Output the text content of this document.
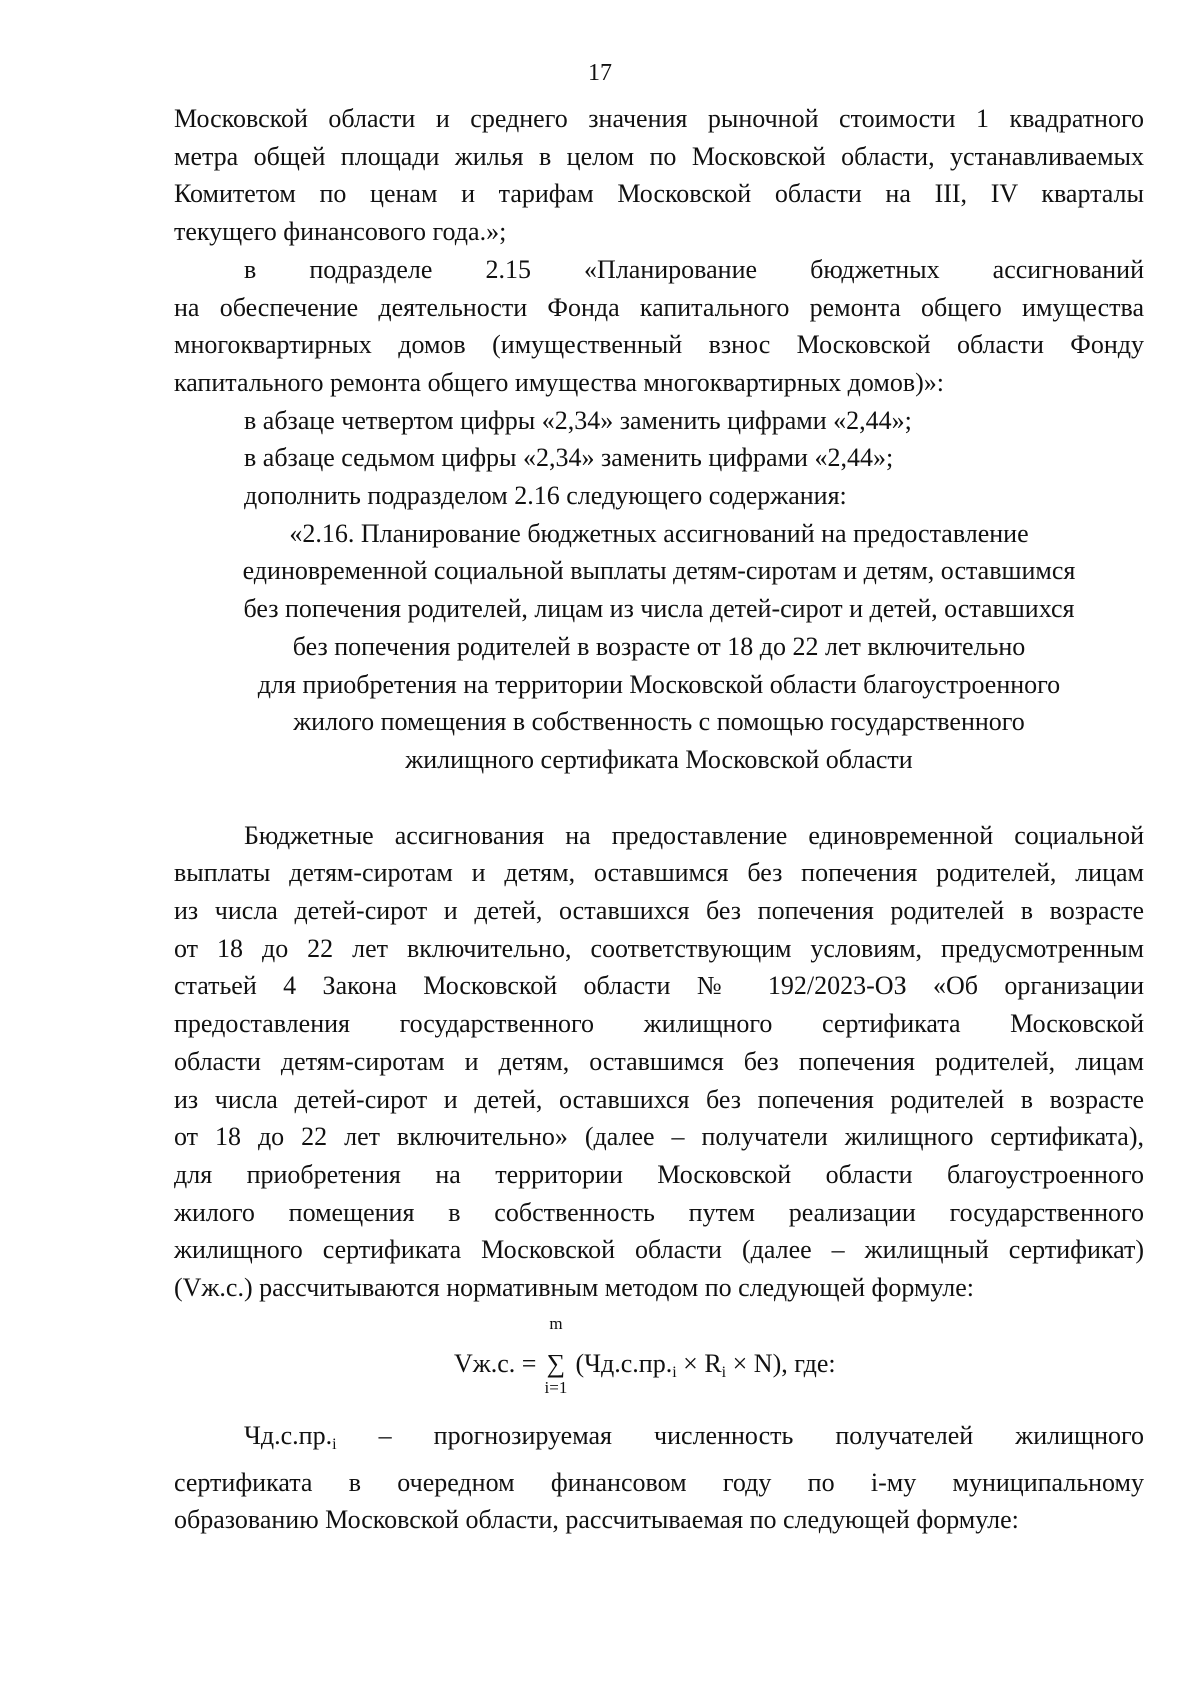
17
Московской области и среднего значения рыночной стоимости 1 квадратного
метра общей площади жилья в целом по Московской области, устанавливаемых
Комитетом по ценам и тарифам Московской области на III, IV кварталы
текущего финансового года.»;
в подразделе 2.15 «Планирование бюджетных ассигнований
на обеспечение деятельности Фонда капитального ремонта общего имущества
многоквартирных домов (имущественный взнос Московской области Фонду
капитального ремонта общего имущества многоквартирных домов)»:
в абзаце четвертом цифры «2,34» заменить цифрами «2,44»;
в абзаце седьмом цифры «2,34» заменить цифрами «2,44»;
дополнить подразделом 2.16 следующего содержания:
«2.16. Планирование бюджетных ассигнований на предоставление
единовременной социальной выплаты детям-сиротам и детям, оставшимся
без попечения родителей, лицам из числа детей-сирот и детей, оставшихся
без попечения родителей в возрасте от 18 до 22 лет включительно
для приобретения на территории Московской области благоустроенного
жилого помещения в собственность с помощью государственного
жилищного сертификата Московской области
Бюджетные ассигнования на предоставление единовременной социальной
выплаты детям-сиротам и детям, оставшимся без попечения родителей, лицам
из числа детей-сирот и детей, оставшихся без попечения родителей в возрасте
от 18 до 22 лет включительно, соответствующим условиям, предусмотренным
статьей 4 Закона Московской области № 192/2023-ОЗ «Об организации
предоставления государственного жилищного сертификата Московской
области детям-сиротам и детям, оставшимся без попечения родителей, лицам
из числа детей-сирот и детей, оставшихся без попечения родителей в возрасте
от 18 до 22 лет включительно» (далее – получатели жилищного сертификата),
для приобретения на территории Московской области благоустроенного
жилого помещения в собственность путем реализации государственного
жилищного сертификата Московской области (далее – жилищный сертификат)
(Vж.с.) рассчитываются нормативным методом по следующей формуле:
Vж.с. =
m
∑
i=1
$(Чд.с.пр._i \times R_i \times N)$, где:
$Чд.с.пр._i$ – прогнозируемая численность получателей жилищного
сертификата в очередном финансовом году по i-му муниципальному
образованию Московской области, рассчитываемая по следующей формуле:
